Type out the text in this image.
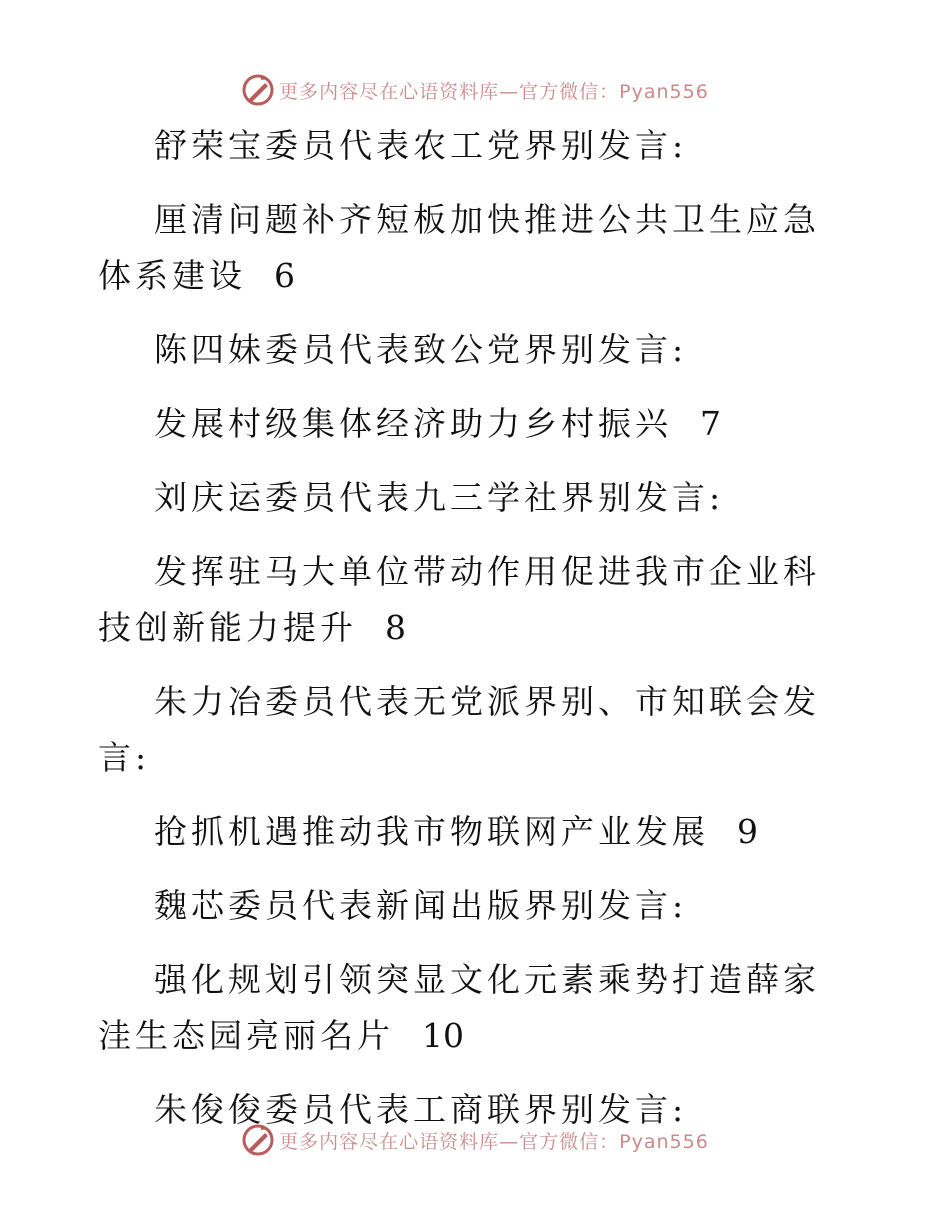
更多内容尽在心语资料库—官方微信：Pyan556

舒荣宝委员代表农工党界别发言:

厘清问题补齐短板加快推进公共卫生应急体系建设 6

陈四妹委员代表致公党界别发言:

发展村级集体经济助力乡村振兴 7

刘庆运委员代表九三学社界别发言:

发挥驻马大单位带动作用促进我市企业科技创新能力提升 8

朱力冶委员代表无党派界别、市知联会发言:

抢抓机遇推动我市物联网产业发展 9

魏芯委员代表新闻出版界别发言:

强化规划引领突显文化元素乘势打造薛家洼生态园亮丽名片 10

朱俊俊委员代表工商联界别发言:

更多内容尽在心语资料库—官方微信：Pyan556
